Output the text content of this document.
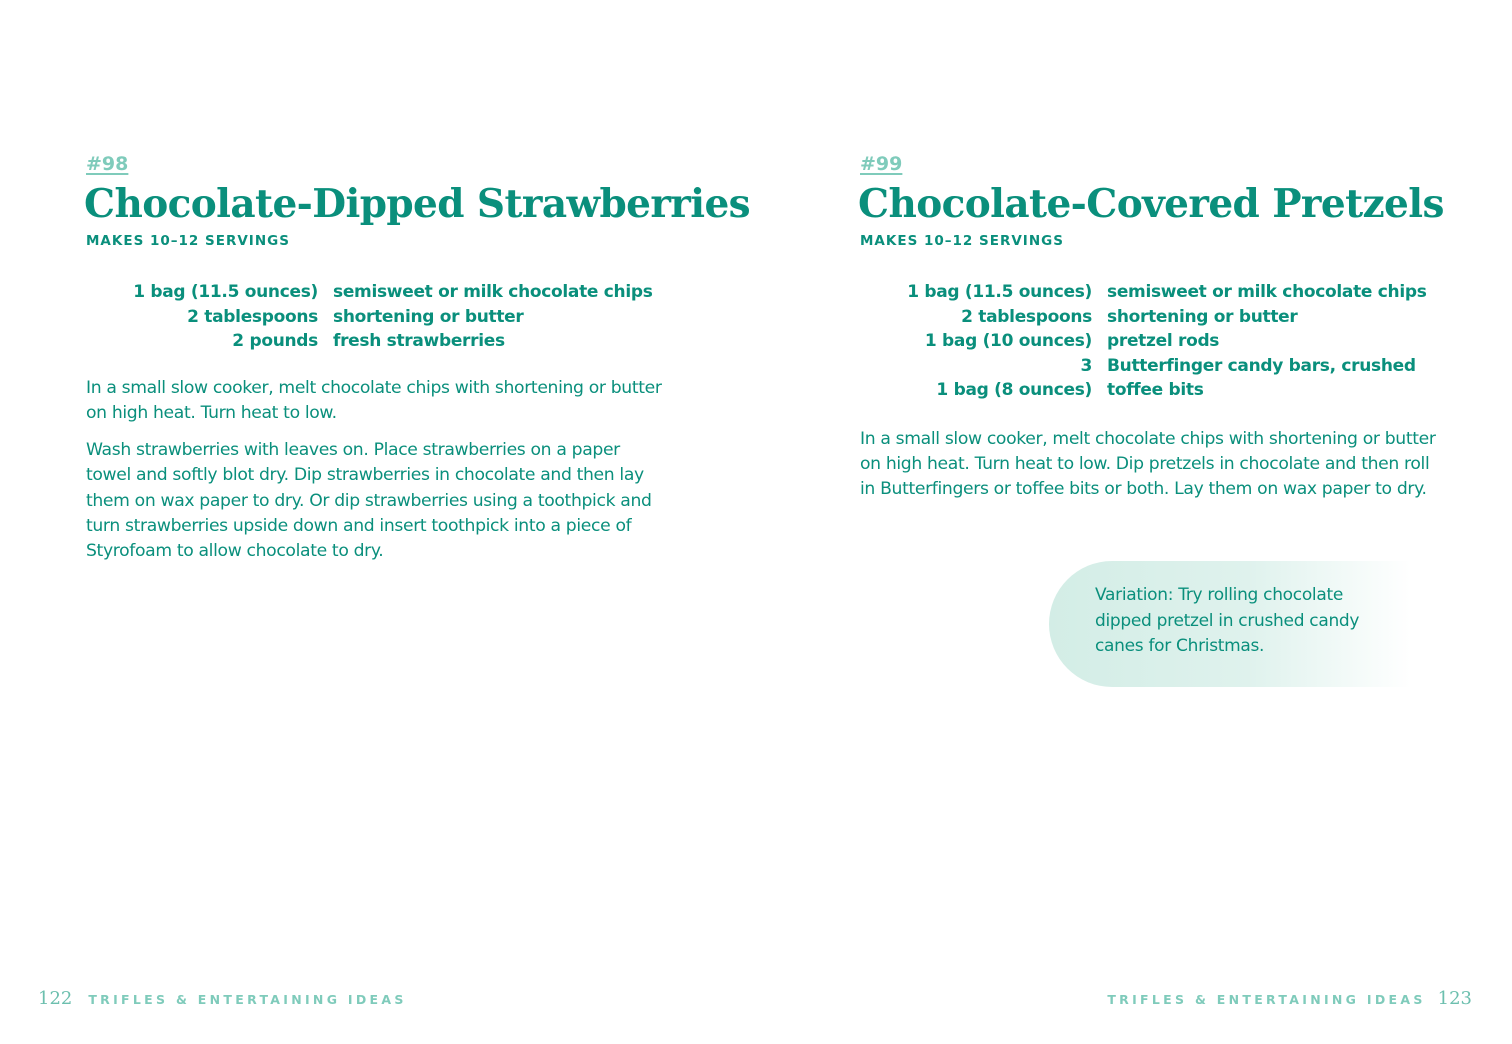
#98
Chocolate-Dipped Strawberries
MAKES 10–12 SERVINGS
1 bag (11.5 ounces)	semisweet or milk chocolate chips
2 tablespoons	shortening or butter
2 pounds	fresh strawberries

In a small slow cooker, melt chocolate chips with shortening or butter on high heat. Turn heat to low.

Wash strawberries with leaves on. Place strawberries on a paper towel and softly blot dry. Dip strawberries in chocolate and then lay them on wax paper to dry. Or dip strawberries using a toothpick and turn strawberries upside down and insert toothpick into a piece of Styrofoam to allow chocolate to dry.

122 TRIFLES & ENTERTAINING IDEAS
#99
Chocolate-Covered Pretzels
MAKES 10–12 SERVINGS
1 bag (11.5 ounces)	semisweet or milk chocolate chips
2 tablespoons	shortening or butter
1 bag (10 ounces)	pretzel rods
3	Butterfinger candy bars, crushed
1 bag (8 ounces)	toffee bits

In a small slow cooker, melt chocolate chips with shortening or butter on high heat. Turn heat to low. Dip pretzels in chocolate and then roll in Butterfingers or toffee bits or both. Lay them on wax paper to dry.

Variation: Try rolling chocolate dipped pretzel in crushed candy canes for Christmas.
TRIFLES & ENTERTAINING IDEAS 123
